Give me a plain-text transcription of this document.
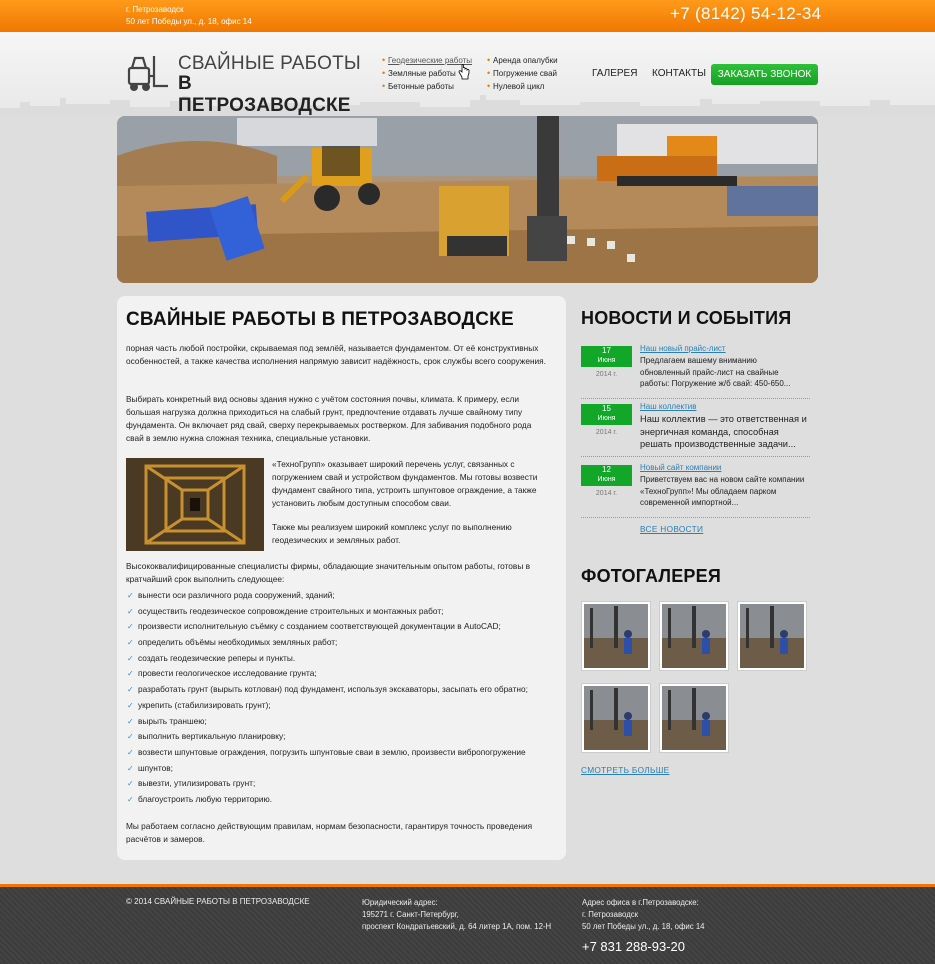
г. Петрозаводск
50 лет Победы ул., д. 18, офис 14	+7 (8142) 54-12-34
СВАЙНЫЕ РАБОТЫ
В ПЕТРОЗАВОДСКЕ
• Геодезические работы
• Земляные работы
• Бетонные работы
• Аренда опалубки
• Погружение свай
• Нулевой цикл
ГАЛЕРЕЯ КОНТАКТЫ	ЗАКАЗАТЬ ЗВОНОК
СВАЙНЫЕ РАБОТЫ В ПЕТРОЗАВОДСКЕ

порная часть любой постройки, скрываемая под землёй, называется фундаментом. От её конструктивных особенностей, а также качества исполнения напрямую зависит надёжность, срок службы всего сооружения.

Выбирать конкретный вид основы здания нужно с учётом состояния почвы, климата. К примеру, если большая нагрузка должна приходиться на слабый грунт, предпочтение отдавать лучше свайному типу фундамента. Он включает ряд свай, сверху перекрываемых ростверком. Для забивания подобного рода свай в землю нужна сложная техника, специальные установки.

«ТехноГрупп» оказывает широкий перечень услуг, связанных с погружением свай и устройством фундаментов. Мы готовы возвести фундамент свайного типа, устроить шпунтовое ограждение, а также установить любым доступным способом сваи.

Также мы реализуем широкий комплекс услуг по выполнению геодезических и земляных работ.

Высококвалифицированные специалисты фирмы, обладающие значительным опытом работы, готовы в кратчайший срок выполнить следующее:

✓ вынести оси различного рода сооружений, зданий;
✓ осуществить геодезическое сопровождение строительных и монтажных работ;
✓ произвести исполнительную съёмку с созданием соответствующей документации в AutoCAD;
✓ определить объёмы необходимых земляных работ;
✓ создать геодезические реперы и пункты.
✓ провести геологическое исследование грунта;
✓ разработать грунт (вырыть котлован) под фундамент, используя экскаваторы, засыпать его обратно;
✓ укрепить (стабилизировать грунт);
✓ вырыть траншею;
✓ выполнить вертикальную планировку;
✓ возвести шпунтовые ограждения, погрузить шпунтовые сваи в землю, произвести вибропогружение
✓ шпунтов;
✓ вывезти, утилизировать грунт;
✓ благоустроить любую территорию.

Мы работаем согласно действующим правилам, нормам безопасности, гарантируя точность проведения расчётов и замеров.

НОВОСТИ И СОБЫТИЯ
17
Июня
2014 г.
Наш новый прайс-лист
Предлагаем вашему вниманию обновленный прайс-лист на свайные работы: Погружение ж/б свай: 450-650...
15
Июня
2014 г.
Наш коллектив
Наш коллектив — это ответственная и энергичная команда, способная решать производственные задачи...
12
Июня
2014 г.
Новый сайт компании
Приветствуем вас на новом сайте компании «ТехноГрупп»! Мы обладаем парком современной импортной...
ВСЕ НОВОСТИ
ФОТОГАЛЕРЕЯ
СМОТРЕТЬ БОЛЬШЕ
© 2014 СВАЙНЫЕ РАБОТЫ В ПЕТРОЗАВОДСКЕ	Юридический адрес:
195271 г. Санкт-Петербург,
проспект Кондратьевский, д. 64 литер 1А, пом. 12-Н
Адрес офиса в г.Петрозаводске:
г. Петрозаводск
50 лет Победы ул., д. 18, офис 14
+7 831 288-93-20
